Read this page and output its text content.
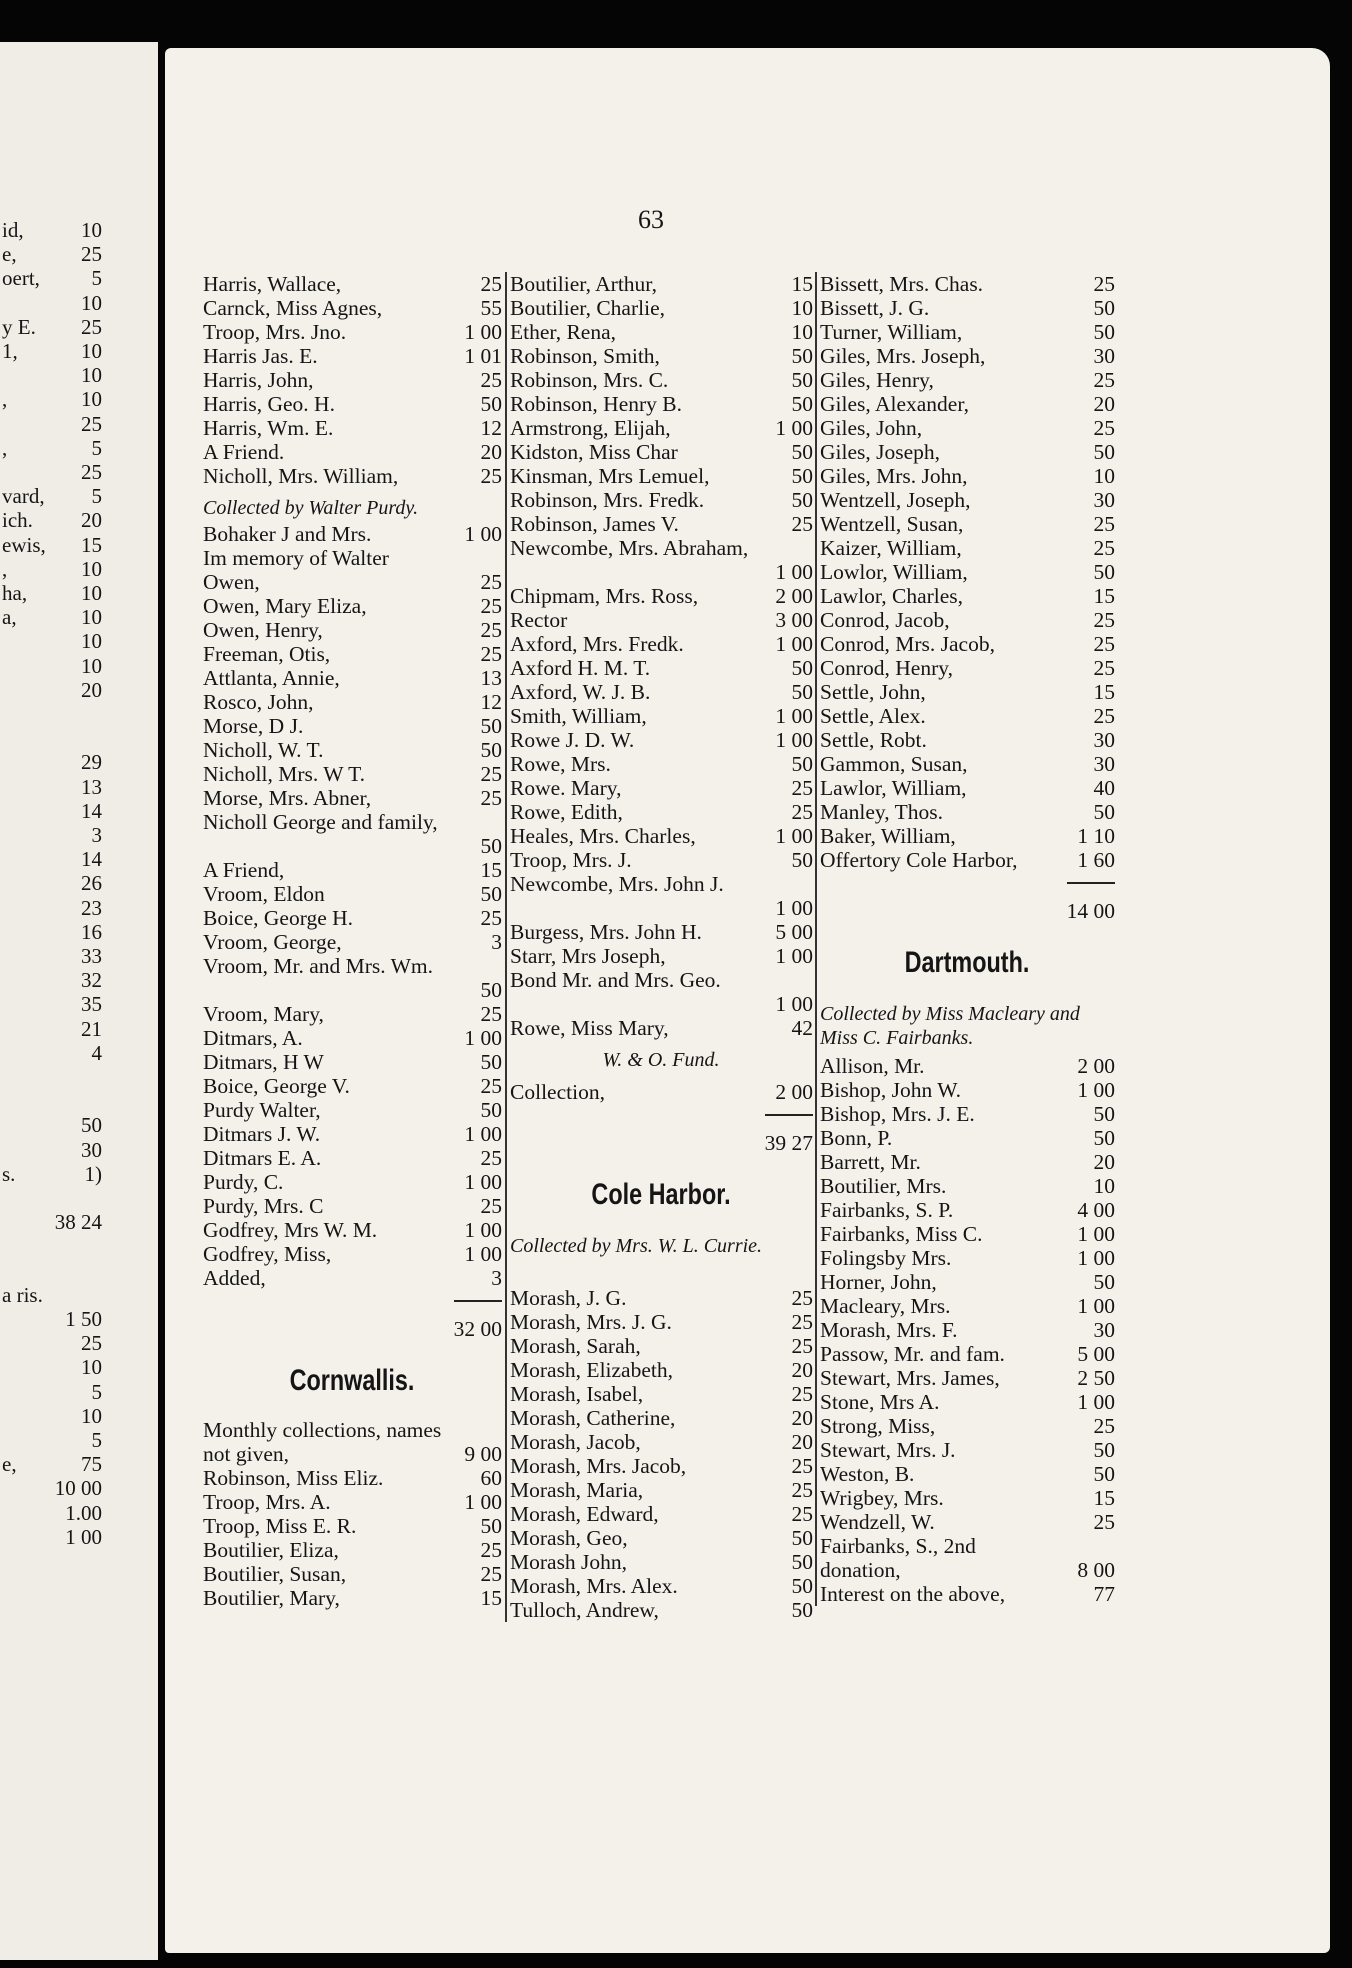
id,	10
e,	25
oert, 5
10
y E. 25
1,	10
10
,	10
25
,	5
25
vard, 5
ich. 20
ewis, 15
,	10
ha,	10
a,	10
10
10
20
29
13
14
3
14
26
23
16
33
32
35
21
4
50
30
s.	1)
38 24
a ris.
1 50
25
10
5
10
5
e,	75
10 00
1.00
1 00
63
Harris, Wallace,	25
Carnck, Miss Agnes,	55
Troop, Mrs. Jno.	1 00
Harris Jas. E.	1 01
Harris, John,	25
Harris, Geo. H.	50
Harris, Wm. E.	12
A Friend.	20
Nicholl, Mrs. William,	25
Collected by Walter Purdy.
Bohaker J and Mrs.	1 00
Im memory of Walter Owen,	25
Owen, Mary Eliza,	25
Owen, Henry,	25
Freeman, Otis,	25
Attlanta, Annie,	13
Rosco, John,	12
Morse, D J.	50
Nicholl, W. T.	50
Nicholl, Mrs. W T.	25
Morse, Mrs. Abner,	25
Nicholl George and family,
50
A Friend,	15
Vroom, Eldon	50
Boice, George H.	25
Vroom, George,	3
Vroom, Mr. and Mrs. Wm.
50
Vroom, Mary,	25
Ditmars, A.	1 00
Ditmars, H W	50
Boice, George V.	25
Purdy Walter,	50
Ditmars J. W.	1 00
Ditmars E. A.	25
Purdy, C.	1 00
Purdy, Mrs. C	25
Godfrey, Mrs W. M.	1 00
Godfrey, Miss,	1 00
Added,	3
32 00
Cornwallis.
Monthly collections, names not given,	9 00
Robinson, Miss Eliz.	60
Troop, Mrs. A.	1 00
Troop, Miss E. R.	50
Boutilier, Eliza,	25
Boutilier, Susan,	25
Boutilier, Mary,	15
Boutilier, Arthur,	15
Boutilier, Charlie,	10
Ether, Rena,	10
Robinson, Smith,	50
Robinson, Mrs. C.	50
Robinson, Henry B.	50
Armstrong, Elijah,	1 00
Kidston, Miss Char	50
Kinsman, Mrs Lemuel,	50
Robinson, Mrs. Fredk.	50
Robinson, James V.	25
Newcombe, Mrs. Abraham,
1 00
Chipmam, Mrs. Ross,	2 00
Rector	3 00
Axford, Mrs. Fredk.	1 00
Axford H. M. T.	50
Axford, W. J. B.	50
Smith, William,	1 00
Rowe J. D. W.	1 00
Rowe, Mrs.	50
Rowe. Mary,	25
Rowe, Edith,	25
Heales, Mrs. Charles,	1 00
Troop, Mrs. J.	50
Newcombe, Mrs. John J.
1 00
Burgess, Mrs. John H.	5 00
Starr, Mrs Joseph,	1 00
Bond Mr. and Mrs. Geo.
1 00
Rowe, Miss Mary,	42
W. & O. Fund.
Collection,	2 00
39 27
Cole Harbor.
Collected by Mrs. W. L. Currie.
Morash, J. G.	25
Morash, Mrs. J. G.	25
Morash, Sarah,	25
Morash, Elizabeth,	20
Morash, Isabel,	25
Morash, Catherine,	20
Morash, Jacob,	20
Morash, Mrs. Jacob,	25
Morash, Maria,	25
Morash, Edward,	25
Morash, Geo,	50
Morash John,	50
Morash, Mrs. Alex.	50
Tulloch, Andrew,	50
Bissett, Mrs. Chas.	25
Bissett, J. G.	50
Turner, William,	50
Giles, Mrs. Joseph,	30
Giles, Henry,	25
Giles, Alexander,	20
Giles, John,	25
Giles, Joseph,	50
Giles, Mrs. John,	10
Wentzell, Joseph,	30
Wentzell, Susan,	25
Kaizer, William,	25
Lowlor, William,	50
Lawlor, Charles,	15
Conrod, Jacob,	25
Conrod, Mrs. Jacob,	25
Conrod, Henry,	25
Settle, John,	15
Settle, Alex.	25
Settle, Robt.	30
Gammon, Susan,	30
Lawlor, William,	40
Manley, Thos.	50
Baker, William,	1 10
Offertory Cole Harbor,	1 60
14 00
Dartmouth.
Collected by Miss Macleary and Miss C. Fairbanks.
Allison, Mr.	2 00
Bishop, John W.	1 00
Bishop, Mrs. J. E.	50
Bonn, P.	50
Barrett, Mr.	20
Boutilier, Mrs.	10
Fairbanks, S. P.	4 00
Fairbanks, Miss C.	1 00
Folingsby Mrs.	1 00
Horner, John,	50
Macleary, Mrs.	1 00
Morash, Mrs. F.	30
Passow, Mr. and fam.	5 00
Stewart, Mrs. James,	2 50
Stone, Mrs A.	1 00
Strong, Miss,	25
Stewart, Mrs. J.	50
Weston, B.	50
Wrigbey, Mrs.	15
Wendzell, W.	25
Fairbanks, S., 2nd donation,	8 00
Interest on the above,	77
